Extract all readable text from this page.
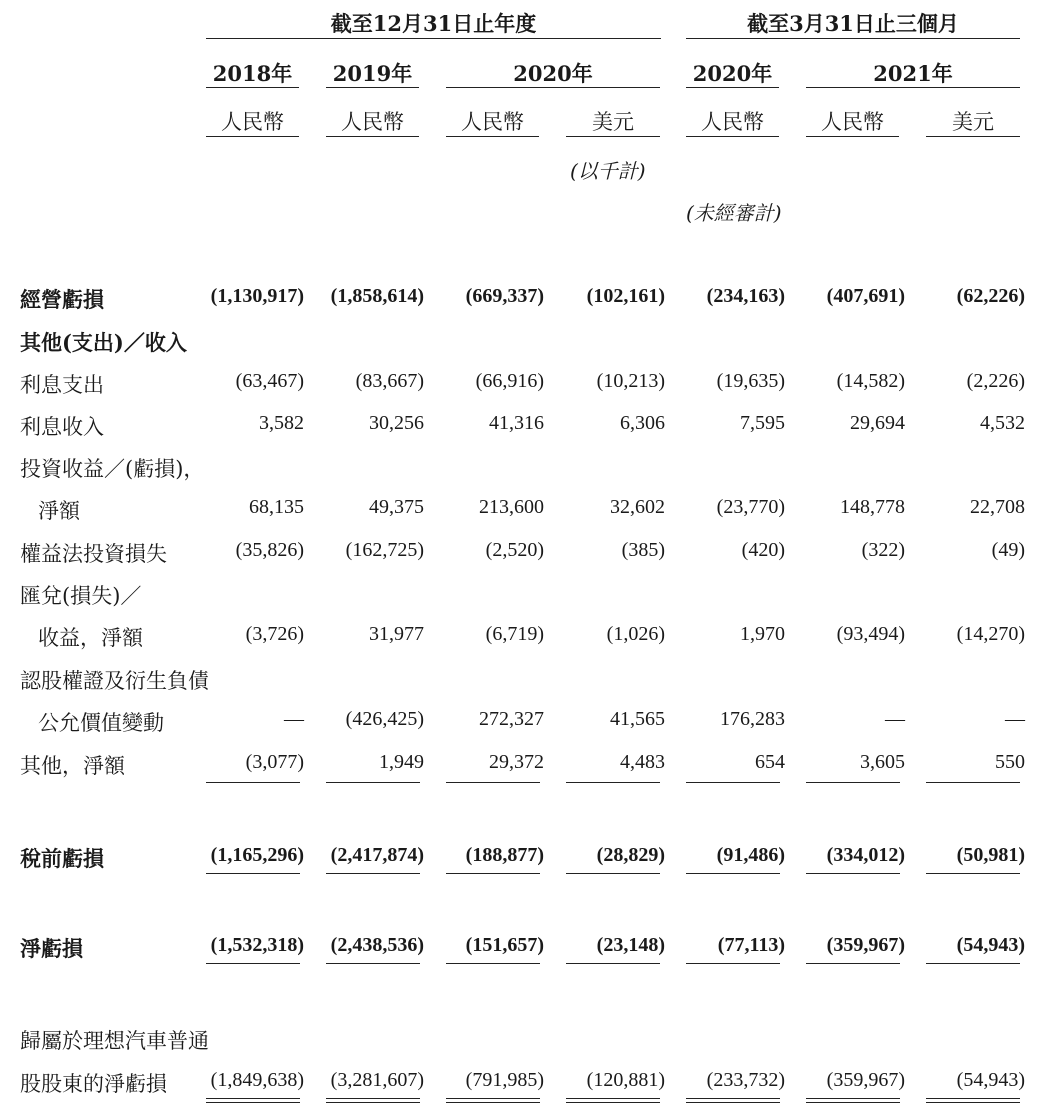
截至12月31日止年度	截至3月31日止三個月
2018年	2019年	2020年	2020年	2021年
人民幣	人民幣	人民幣	美元	人民幣	人民幣	美元
(以千計)
(未經審計)
經營虧損	(1,130,917)	(1,858,614)	(669,337)	(102,161)	(234,163)	(407,691)	(62,226)
其他(支出)／收入
利息支出	(63,467)	(83,667)	(66,916)	(10,213)	(19,635)	(14,582)	(2,226)
利息收入	3,582	30,256	41,316	6,306	7,595	29,694	4,532
投資收益／(虧損)，
淨額	68,135	49,375	213,600	32,602	(23,770)	148,778	22,708
權益法投資損失	(35,826)	(162,725)	(2,520)	(385)	(420)	(322)	(49)
匯兌(損失)／
收益，淨額	(3,726)	31,977	(6,719)	(1,026)	1,970	(93,494)	(14,270)
認股權證及衍生負債
公允價值變動	—	(426,425)	272,327	41,565	176,283	—	—
其他，淨額	(3,077)	1,949	29,372	4,483	654	3,605	550
稅前虧損	(1,165,296)	(2,417,874)	(188,877)	(28,829)	(91,486)	(334,012)	(50,981)
淨虧損	(1,532,318)	(2,438,536)	(151,657)	(23,148)	(77,113)	(359,967)	(54,943)
歸屬於理想汽車普通
股股東的淨虧損	(1,849,638)	(3,281,607)	(791,985)	(120,881)	(233,732)	(359,967)	(54,943)
